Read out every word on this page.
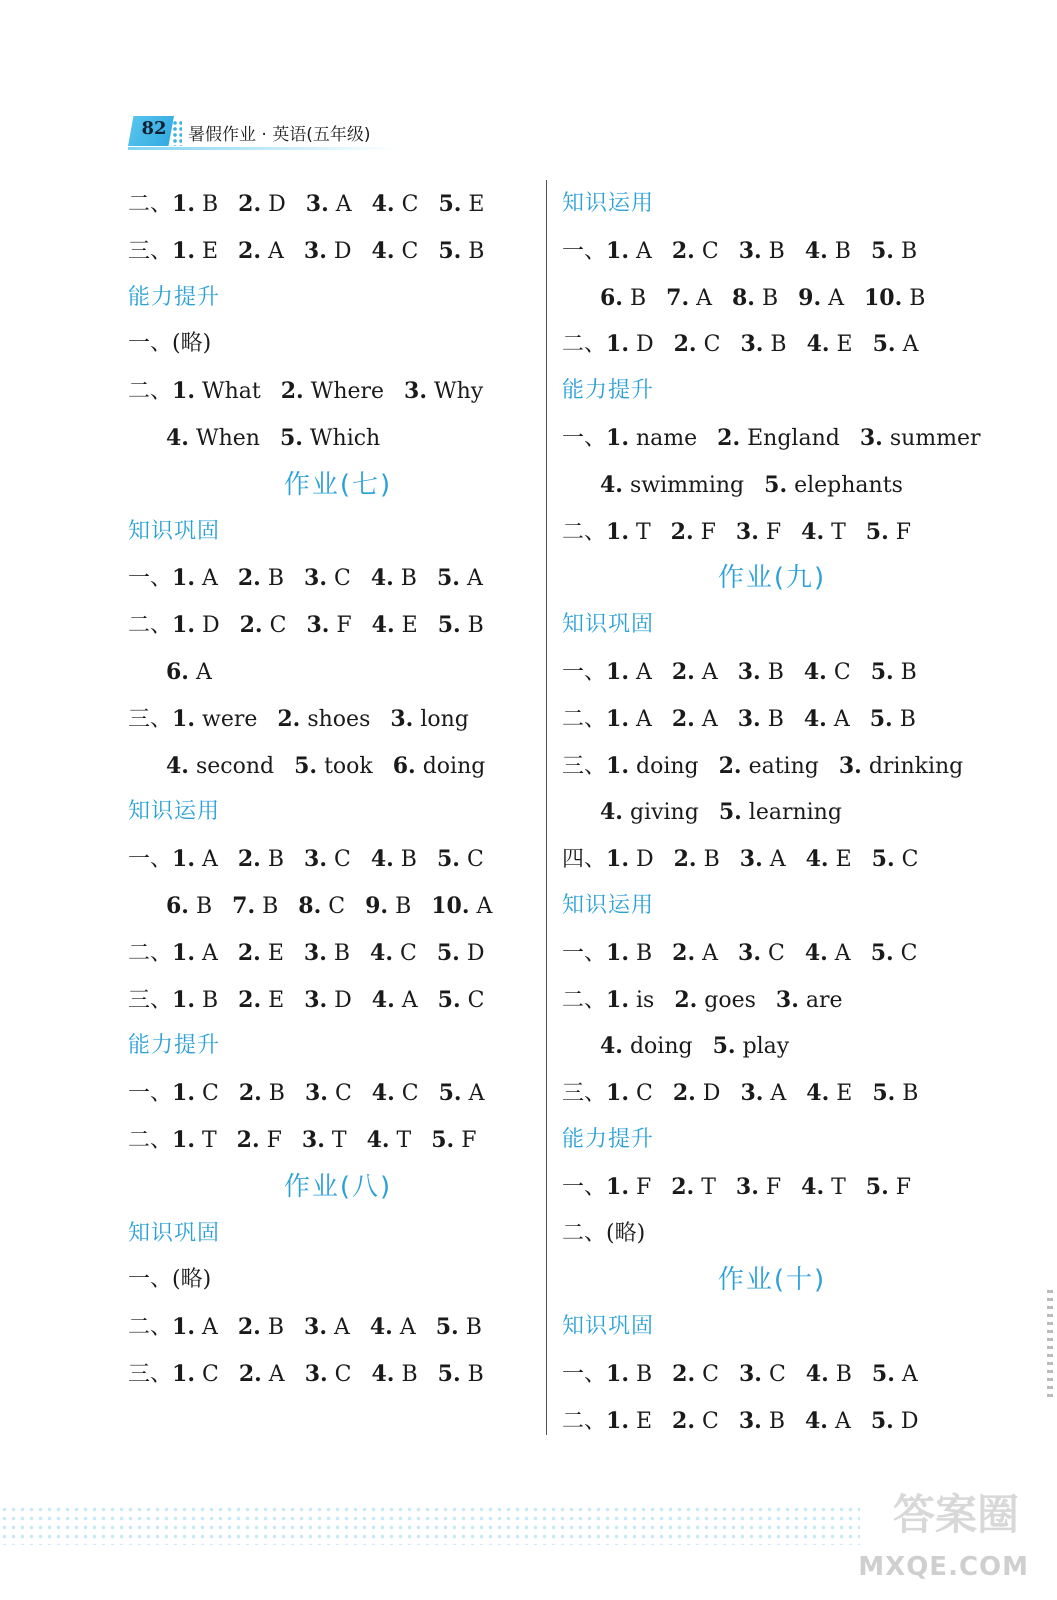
82	暑假作业 · 英语(五年级)
二、1. B 2. D 3. A 4. C 5. E
三、1. E 2. A 3. D 4. C 5. B
能力提升
一、(略)
二、1. What 2. Where 3. Why
4. When 5. Which
作业(七)
知识巩固
一、1. A 2. B 3. C 4. B 5. A
二、1. D 2. C 3. F 4. E 5. B
6. A
三、1. were 2. shoes 3. long
4. second 5. took 6. doing
知识运用
一、1. A 2. B 3. C 4. B 5. C
6. B 7. B 8. C 9. B 10. A
二、1. A 2. E 3. B 4. C 5. D
三、1. B 2. E 3. D 4. A 5. C
能力提升
一、1. C 2. B 3. C 4. C 5. A
二、1. T 2. F 3. T 4. T 5. F
作业(八)
知识巩固
一、(略)
二、1. A 2. B 3. A 4. A 5. B
三、1. C 2. A 3. C 4. B 5. B
知识运用
一、1. A 2. C 3. B 4. B 5. B
6. B 7. A 8. B 9. A 10. B
二、1. D 2. C 3. B 4. E 5. A
能力提升
一、1. name 2. England 3. summer
4. swimming 5. elephants
二、1. T 2. F 3. F 4. T 5. F
作业(九)
知识巩固
一、1. A 2. A 3. B 4. C 5. B
二、1. A 2. A 3. B 4. A 5. B
三、1. doing 2. eating 3. drinking
4. giving 5. learning
四、1. D 2. B 3. A 4. E 5. C
知识运用
一、1. B 2. A 3. C 4. A 5. C
二、1. is 2. goes 3. are
4. doing 5. play
三、1. C 2. D 3. A 4. E 5. B
能力提升
一、1. F 2. T 3. F 4. T 5. F
二、(略)
作业(十)
知识巩固
一、1. B 2. C 3. C 4. B 5. A
二、1. E 2. C 3. B 4. A 5. D
答案圈
MXQE.COM
